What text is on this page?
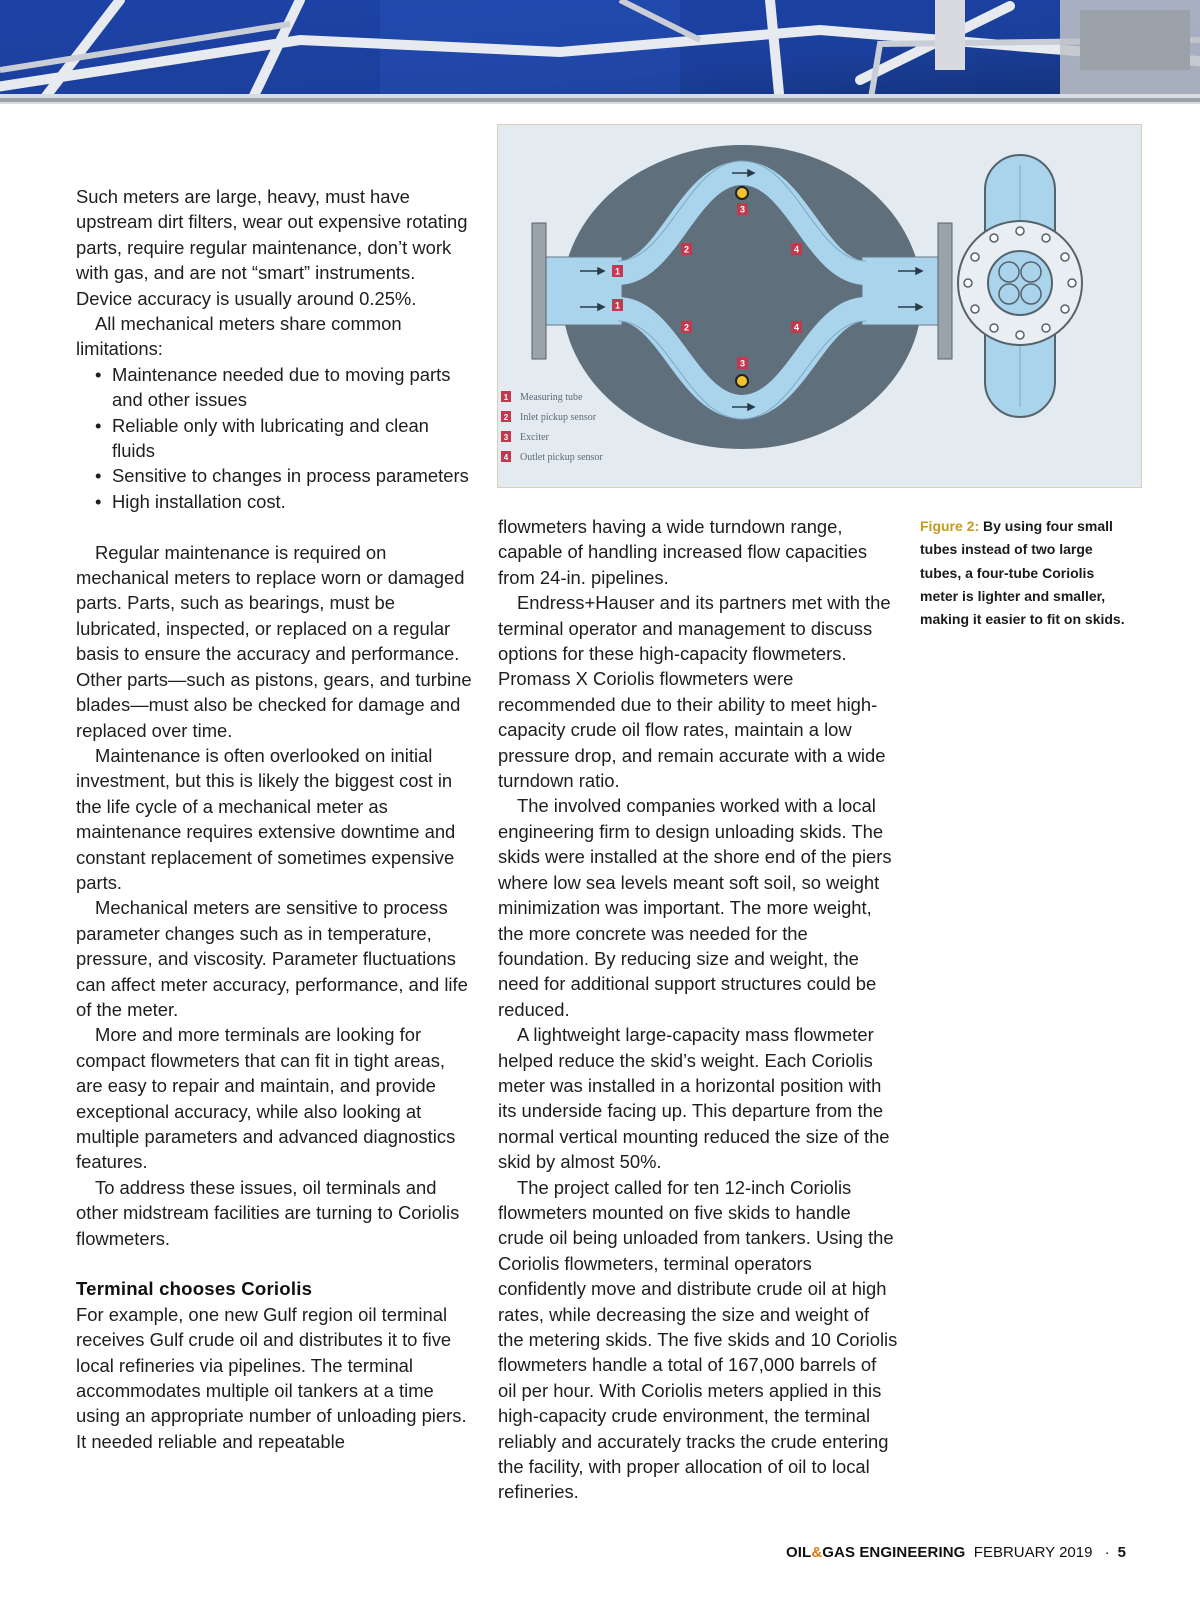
Such meters are large, heavy, must have upstream dirt filters, wear out expensive rotating parts, require regular maintenance, don’t work with gas, and are not “smart” instruments. Device accuracy is usually around 0.25%.

All mechanical meters share common limitations:

• Maintenance needed due to moving parts and other issues
• Reliable only with lubricating and clean fluids
• Sensitive to changes in process parameters
• High installation cost.

Regular maintenance is required on mechanical meters to replace worn or damaged parts. Parts, such as bearings, must be lubricated, inspected, or replaced on a regular basis to ensure the accuracy and performance. Other parts—such as pistons, gears, and turbine blades—must also be checked for damage and replaced over time.

Maintenance is often overlooked on initial investment, but this is likely the biggest cost in the life cycle of a mechanical meter as maintenance requires extensive downtime and constant replacement of sometimes expensive parts.

Mechanical meters are sensitive to process parameter changes such as in temperature, pressure, and viscosity. Parameter fluctuations can affect meter accuracy, performance, and life of the meter.

More and more terminals are looking for compact flowmeters that can fit in tight areas, are easy to repair and maintain, and provide exceptional accuracy, while also looking at multiple parameters and advanced diagnostics features.

To address these issues, oil terminals and other midstream facilities are turning to Coriolis flowmeters.

Terminal chooses Coriolis

For example, one new Gulf region oil terminal receives Gulf crude oil and distributes it to five local refineries via pipelines. The terminal accommodates multiple oil tankers at a time using an appropriate number of unloading piers. It needed reliable and repeatable

1
1
2
2
3
3
4
4
1 Measuring tube
2 Inlet pickup sensor
3 Exciter
4 Outlet pickup sensor

flowmeters having a wide turndown range, capable of handling increased flow capacities from 24-in. pipelines.

Endress+Hauser and its partners met with the terminal operator and management to discuss options for these high-capacity flowmeters. Promass X Coriolis flowmeters were recommended due to their ability to meet high-capacity crude oil flow rates, maintain a low pressure drop, and remain accurate with a wide turndown ratio.

The involved companies worked with a local engineering firm to design unloading skids. The skids were installed at the shore end of the piers where low sea levels meant soft soil, so weight minimization was important. The more weight, the more concrete was needed for the foundation. By reducing size and weight, the need for additional support structures could be reduced.

A lightweight large-capacity mass flowmeter helped reduce the skid’s weight. Each Coriolis meter was installed in a horizontal position with its underside facing up. This departure from the normal vertical mounting reduced the size of the skid by almost 50%.

The project called for ten 12-inch Coriolis flowmeters mounted on five skids to handle crude oil being unloaded from tankers. Using the Coriolis flowmeters, terminal operators confidently move and distribute crude oil at high rates, while decreasing the size and weight of the metering skids. The five skids and 10 Coriolis flowmeters handle a total of 167,000 barrels of oil per hour. With Coriolis meters applied in this high-capacity crude environment, the terminal reliably and accurately tracks the crude entering the facility, with proper allocation of oil to local refineries.

Figure 2: By using four small tubes instead of two large tubes, a four-tube Coriolis meter is lighter and smaller, making it easier to fit on skids.
OIL&GAS ENGINEERING FEBRUARY 2019 · 5
